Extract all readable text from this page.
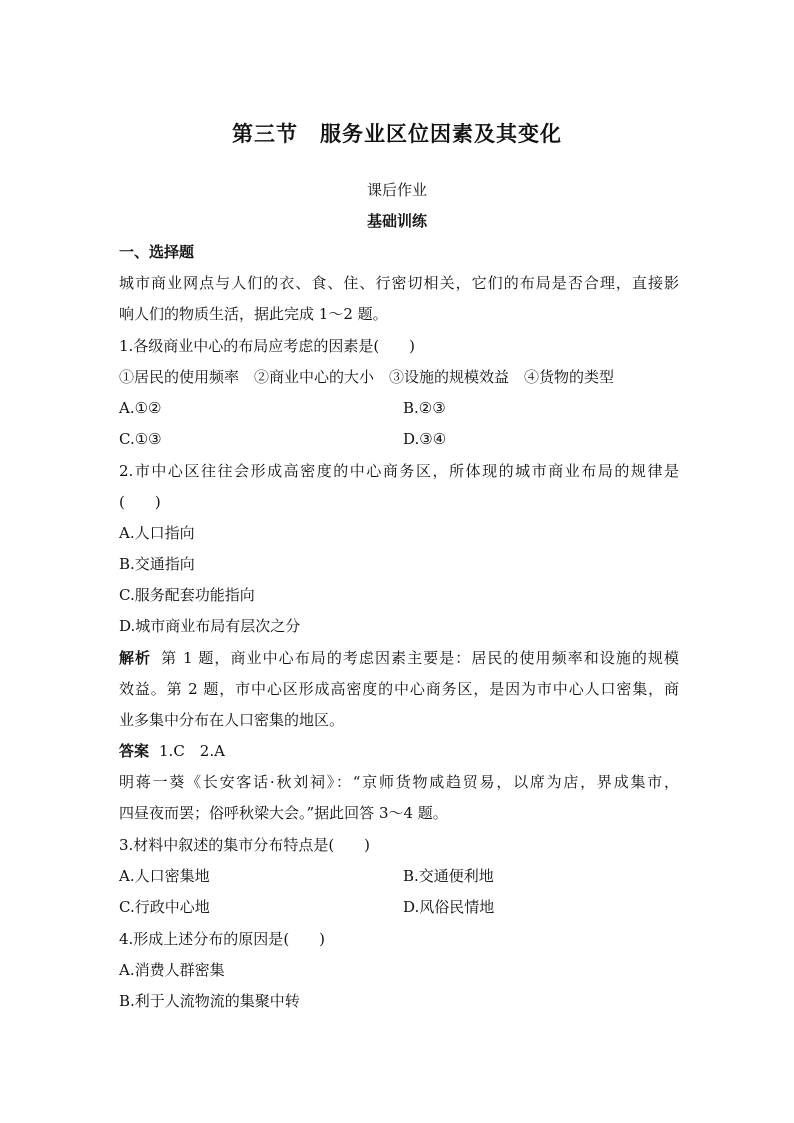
第三节　服务业区位因素及其变化
课后作业
基础训练
一、选择题
城市商业网点与人们的衣、食、住、行密切相关，它们的布局是否合理，直接影
响人们的物质生活，据此完成 1～2 题。
1.各级商业中心的布局应考虑的因素是(　　)
①居民的使用频率　②商业中心的大小　③设施的规模效益　④货物的类型
A.①②	B.②③
C.①③	D.③④
2.市中心区往往会形成高密度的中心商务区，所体现的城市商业布局的规律是
(　　)
A.人口指向
B.交通指向
C.服务配套功能指向
D.城市商业布局有层次之分
解析 第 1 题，商业中心布局的考虑因素主要是：居民的使用频率和设施的规模
效益。第 2 题，市中心区形成高密度的中心商务区，是因为市中心人口密集，商
业多集中分布在人口密集的地区。
答案 1.C　2.A
明蒋一葵《长安客话·秋刘祠》：“京师货物咸趋贸易，以席为店，界成集市，
四昼夜而罢；俗呼秋梁大会。”据此回答 3～4 题。
3.材料中叙述的集市分布特点是(　　)
A.人口密集地	B.交通便利地
C.行政中心地	D.风俗民情地
4.形成上述分布的原因是(　　)
A.消费人群密集
B.利于人流物流的集聚中转
